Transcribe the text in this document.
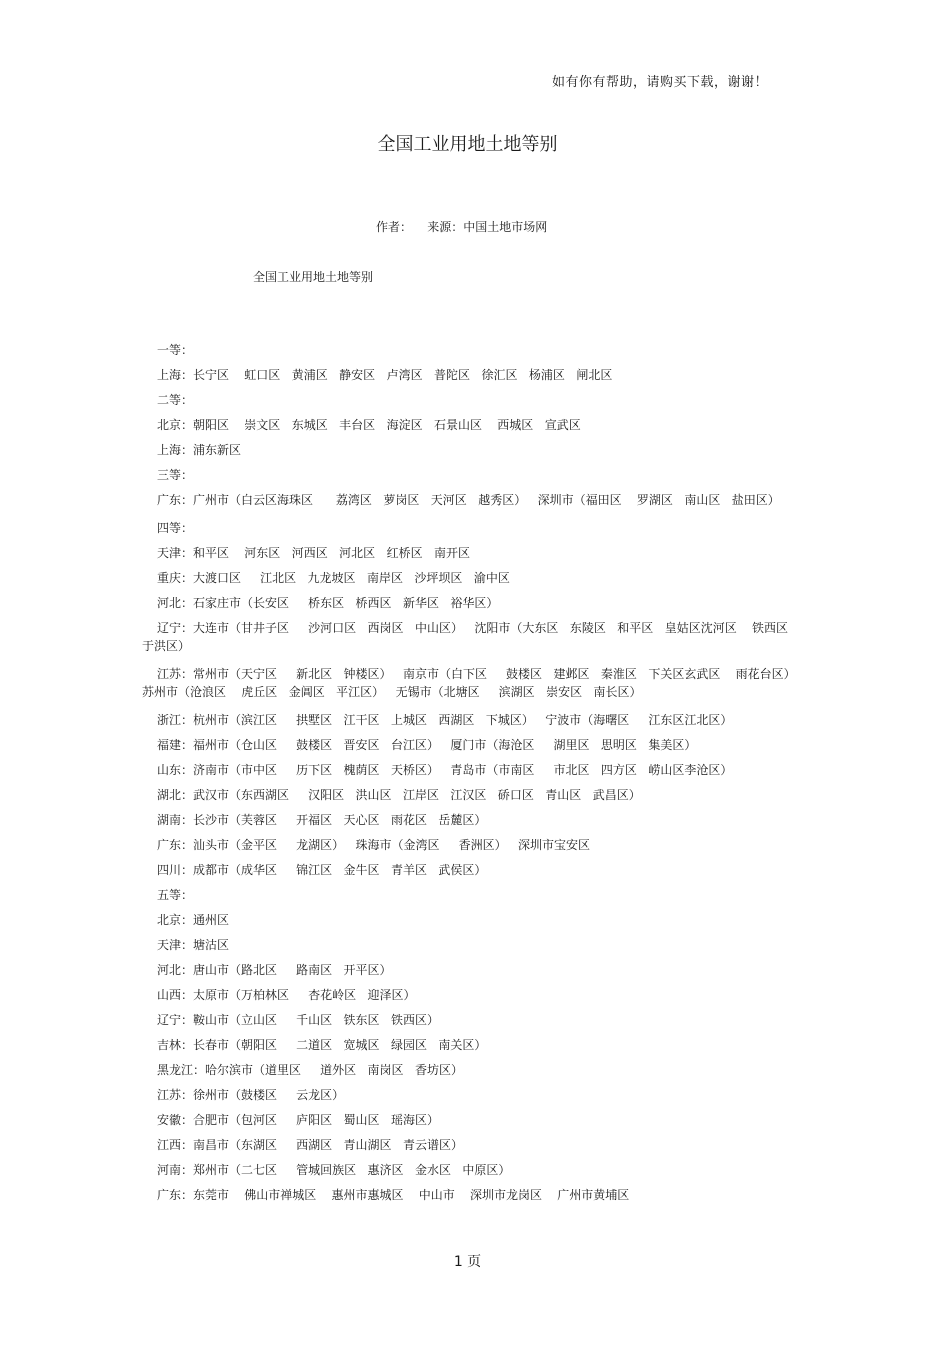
如有你有帮助，请购买下载，谢谢！
全国工业用地土地等别
作者：    来源：中国土地市场网
全国工业用地土地等别
一等：
上海：长宁区    虹口区   黄浦区   静安区   卢湾区   普陀区   徐汇区   杨浦区   闸北区
二等：
北京：朝阳区    崇文区   东城区   丰台区   海淀区   石景山区    西城区   宣武区
上海：浦东新区
三等：
广东：广州市（白云区海珠区      荔湾区   萝岗区   天河区   越秀区）   深圳市（福田区    罗湖区   南山区   盐田区）
四等：
天津：和平区    河东区   河西区   河北区   红桥区   南开区
重庆：大渡口区     江北区   九龙坡区   南岸区   沙坪坝区   渝中区
河北：石家庄市（长安区     桥东区   桥西区   新华区   裕华区）
辽宁：大连市（甘井子区     沙河口区   西岗区   中山区）   沈阳市（大东区   东陵区   和平区   皇姑区沈河区    铁西区   于洪区）
江苏：常州市（天宁区     新北区   钟楼区）   南京市（白下区     鼓楼区   建邺区   秦淮区   下关区玄武区    雨花台区）   苏州市（沧浪区    虎丘区   金阊区   平江区）   无锡市（北塘区     滨湖区   崇安区   南长区）
浙江：杭州市（滨江区     拱墅区   江干区   上城区   西湖区   下城区）   宁波市（海曙区     江东区江北区）
福建：福州市（仓山区     鼓楼区   晋安区   台江区）   厦门市（海沧区     湖里区   思明区   集美区）
山东：济南市（市中区     历下区   槐荫区   天桥区）   青岛市（市南区     市北区   四方区   崂山区李沧区）
湖北：武汉市（东西湖区     汉阳区   洪山区   江岸区   江汉区   硚口区   青山区   武昌区）
湖南：长沙市（芙蓉区     开福区   天心区   雨花区   岳麓区）
广东：汕头市（金平区     龙湖区）   珠海市（金湾区     香洲区）   深圳市宝安区
四川：成都市（成华区     锦江区   金牛区   青羊区   武侯区）
五等：
北京：通州区
天津：塘沽区
河北：唐山市（路北区     路南区   开平区）
山西：太原市（万柏林区     杏花岭区   迎泽区）
辽宁：鞍山市（立山区     千山区   铁东区   铁西区）
吉林：长春市（朝阳区     二道区   宽城区   绿园区   南关区）
黑龙江：哈尔滨市（道里区     道外区   南岗区   香坊区）
江苏：徐州市（鼓楼区     云龙区）
安徽：合肥市（包河区     庐阳区   蜀山区   瑶海区）
江西：南昌市（东湖区     西湖区   青山湖区   青云谱区）
河南：郑州市（二七区     管城回族区   惠济区   金水区   中原区）
广东：东莞市    佛山市禅城区    惠州市惠城区    中山市    深圳市龙岗区    广州市黄埔区
1 页
